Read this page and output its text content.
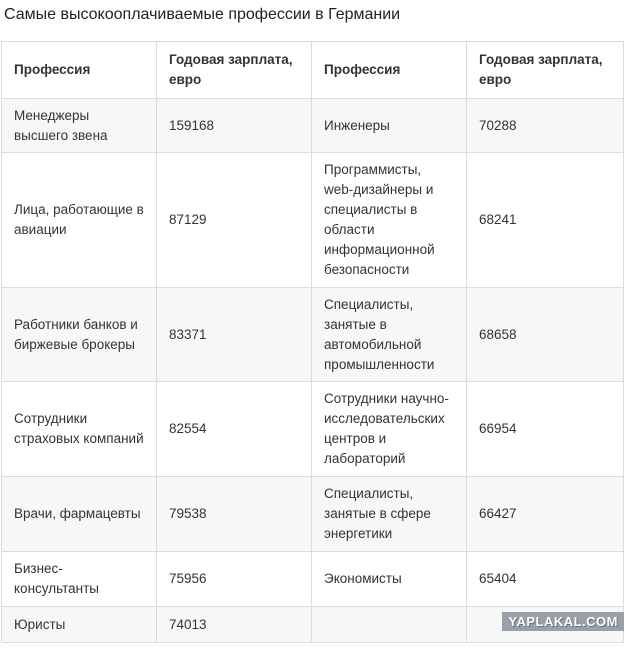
Самые высокооплачиваемые профессии в Германии
Профессия	Годовая зарплата, евро	Профессия	Годовая зарплата, евро
Менеджеры высшего звена	159168	Инженеры	70288
Лица, работающие в авиации	87129	Программисты, web-дизайнеры и специалисты в области информационной безопасности	68241
Работники банков и биржевые брокеры	83371	Специалисты, занятые в автомобильной промышленности	68658
Сотрудники страховых компаний	82554	Сотрудники научно-исследовательских центров и лабораторий	66954
Врачи, фармацевты	79538	Специалисты, занятые в сфере энергетики	66427
Бизнес-консультанты	75956	Экономисты	65404
Юристы	74013			YAPLAKAL.COM
